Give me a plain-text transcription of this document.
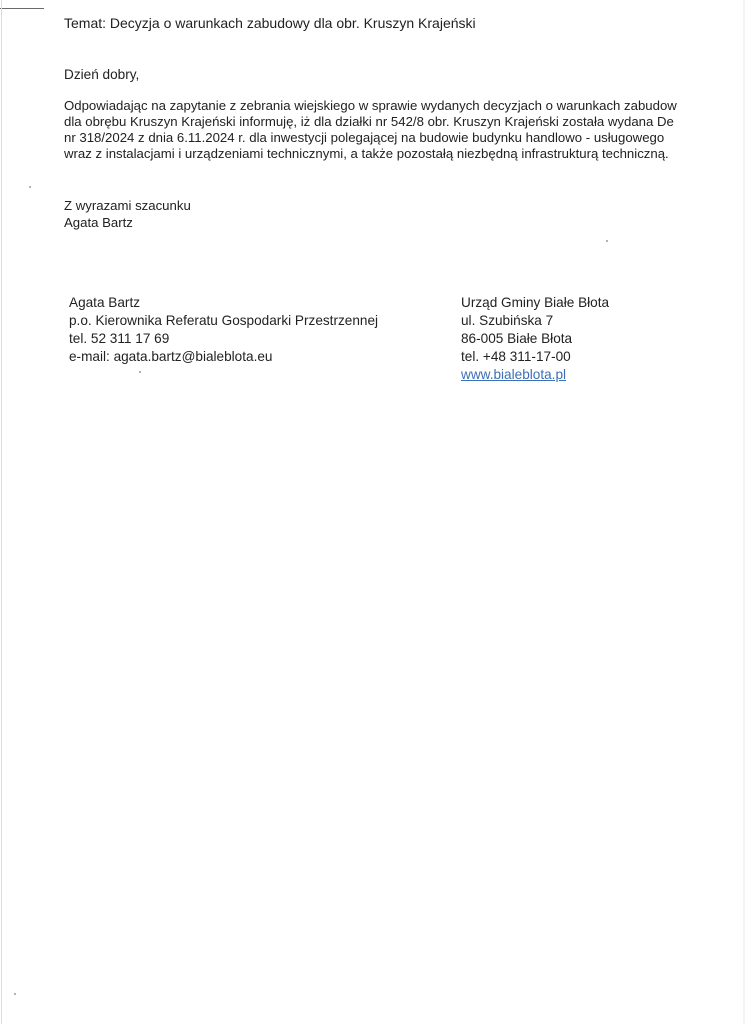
Temat: Decyzja o warunkach zabudowy dla obr. Kruszyn Krajeński

Dzień dobry,

Odpowiadając na zapytanie z zebrania wiejskiego w sprawie wydanych decyzjach o warunkach zabudow
dla obrębu Kruszyn Krajeński informuję, iż dla działki nr 542/8 obr. Kruszyn Krajeński została wydana De
nr 318/2024 z dnia 6.11.2024 r. dla inwestycji polegającej na budowie budynku handlowo - usługowego
wraz z instalacjami i urządzeniami technicznymi, a także pozostałą niezbędną infrastrukturą techniczną.

Z wyrazami szacunku

Agata Bartz

Agata Bartz
p.o. Kierownika Referatu Gospodarki Przestrzennej
tel. 52 311 17 69
e-mail: agata.bartz@bialeblota.eu
Urząd Gminy Białe Błota
ul. Szubińska 7
86-005 Białe Błota
tel. +48 311-17-00
www.bialeblota.pl
